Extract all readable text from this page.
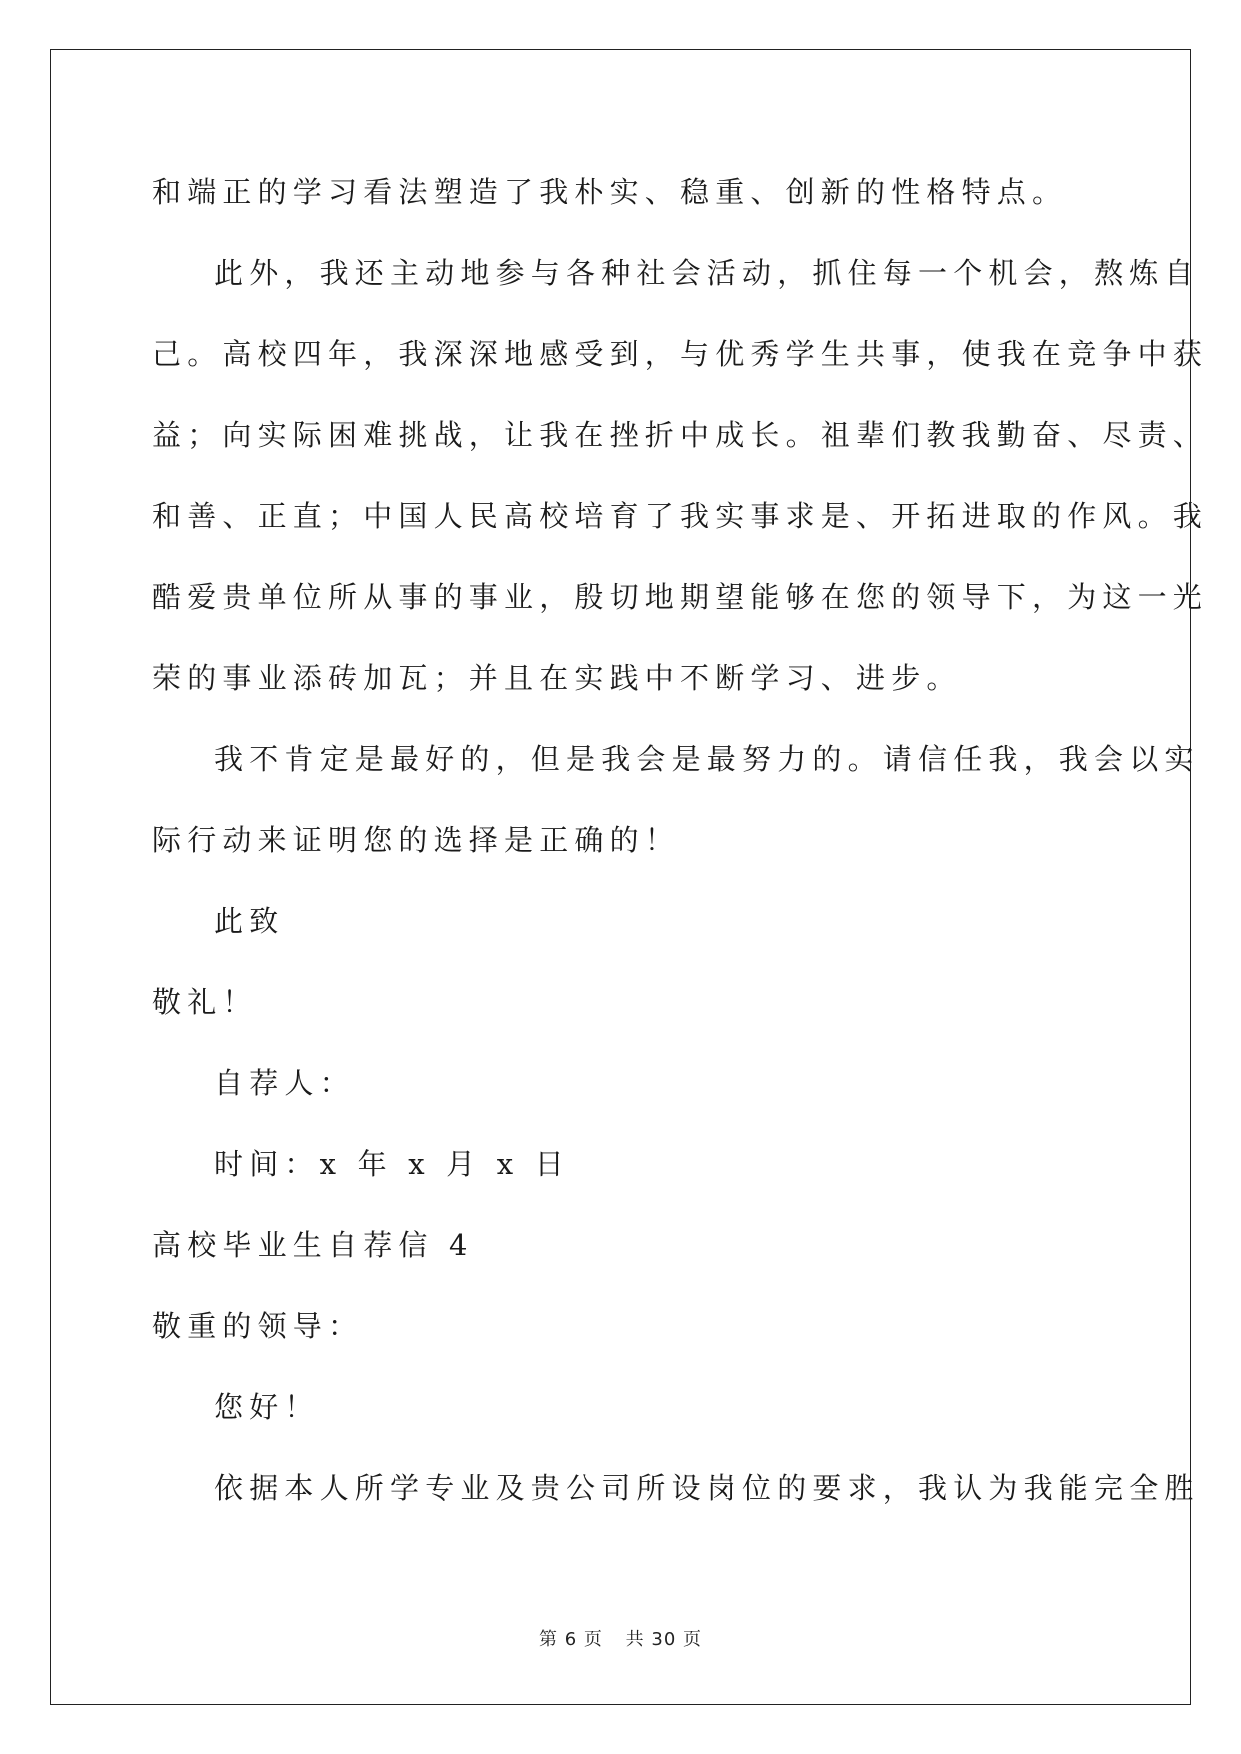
和端正的学习看法塑造了我朴实、稳重、创新的性格特点。
此外，我还主动地参与各种社会活动，抓住每一个机会，熬炼自
己。高校四年，我深深地感受到，与优秀学生共事，使我在竞争中获
益；向实际困难挑战，让我在挫折中成长。祖辈们教我勤奋、尽责、
和善、正直；中国人民高校培育了我实事求是、开拓进取的作风。我
酷爱贵单位所从事的事业，殷切地期望能够在您的领导下，为这一光
荣的事业添砖加瓦；并且在实践中不断学习、进步。
我不肯定是最好的，但是我会是最努力的。请信任我，我会以实
际行动来证明您的选择是正确的！
此致
敬礼！
自荐人：
时间：x 年 x 月 x 日
高校毕业生自荐信 4
敬重的领导：
您好！
依据本人所学专业及贵公司所设岗位的要求，我认为我能完全胜
第 6 页 共 30 页
